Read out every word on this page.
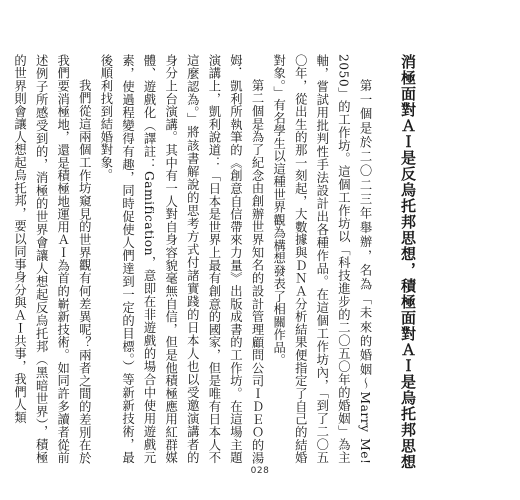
消極面對ＡＩ是反烏托邦思想，積極面對ＡＩ是烏托邦思想

第一個是於二〇二三年舉辦，名為「未來的婚姻〜Marry Me! 2050」的工作坊。這個工作坊以「科技進步的二〇五〇年的婚姻」為主軸，嘗試用批判性手法設計出各種作品。在這個工作坊內，「到了二〇五〇年，從出生的那一刻起，大數據與ＤＮＡ分析結果便指定了自己的結婚對象。」有名學生以這種世界觀為構想發表了相關作品。

第二個是為了紀念由創辦世界知名的設計管理顧問公司ＩＤＥＯ的湯姆．凱利所執筆的《創意自信帶來力量》出版成書的工作坊。在這場主題演講上，凱利說道：「日本是世界上最有創意的國家，但是唯有日本人不這麼認為。」將該書解說的思考方式付諸實踐的日本人也以受邀演講者的身分上台演講。其中有一人對自身容貌毫無自信，但是他積極應用紅群媒體、遊戲化（譯註：Gamification，意即在非遊戲的場合中使用遊戲元素，使過程變得有趣，同時促使人們達到一定的目標。）等新新技術，最後順利找到結婚對象。

我們從這兩個工作坊窺見的世界觀有何差異呢？兩者之間的差別在於我們要消極地，還是積極地運用ＡＩ為首的嶄新技術。如同許多讀者從前述例子所感受到的，消極的世界會讓人想起反烏托邦（黑暗世界），積極的世界則會讓人想起烏托邦，要以同事身分與ＡＩ共事，我們人類

028
